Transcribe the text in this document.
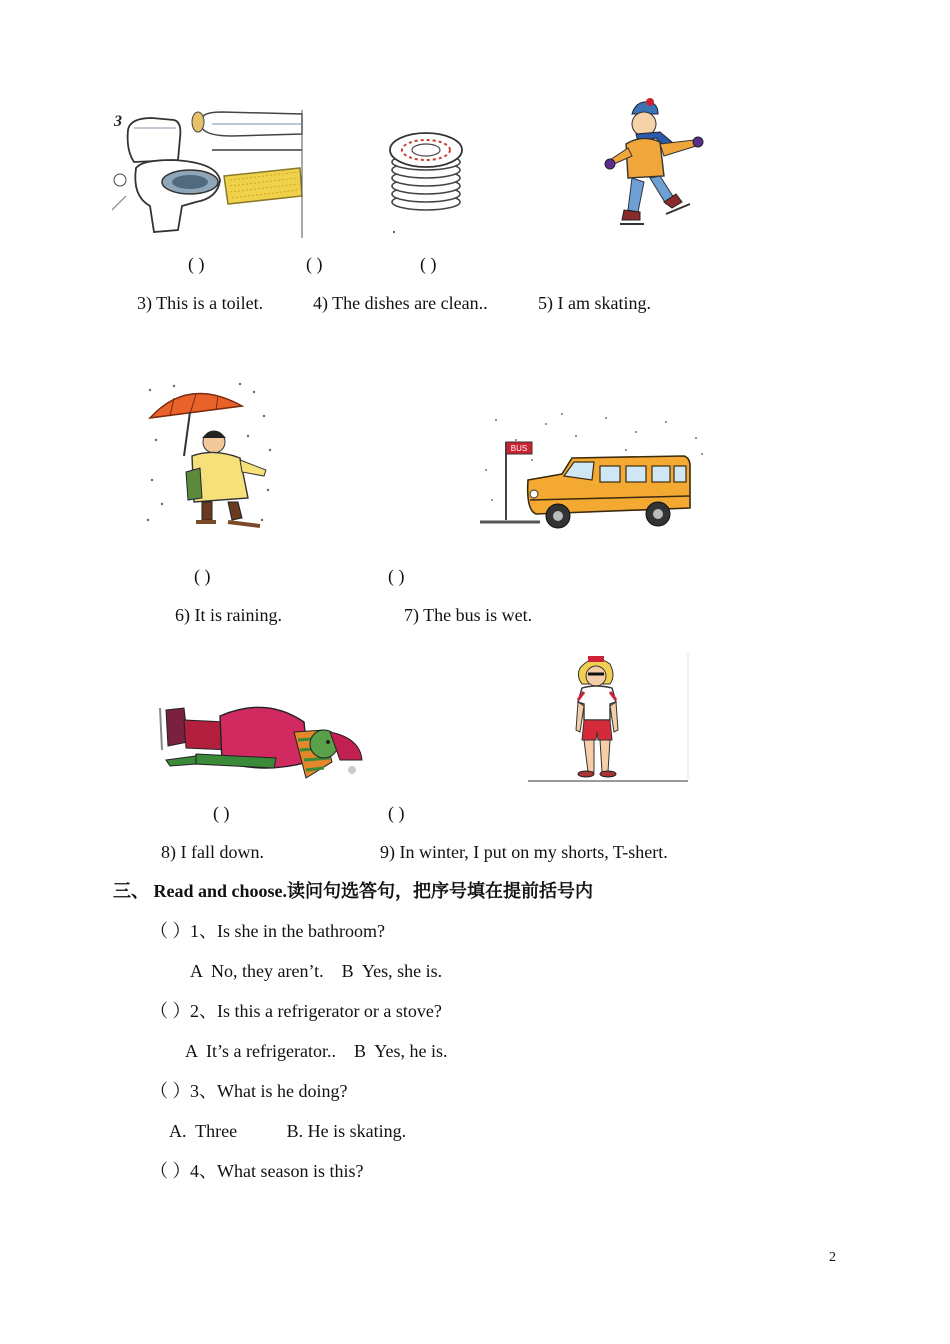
3
( )	( )	( )
3) This is a toilet.	4) The dishes are clean..	5) I am skating.
BUS
( )	( )
6) It is raining.	7) The bus is wet.
( )	( )
8) I fall down.	9) In winter, I put on my shorts, T-shert.
三、 Read and choose.读问句选答句，把序号填在提前括号内
（ ） 1、Is she in the bathroom?
A  No, they aren’t.    B  Yes, she is.
（ ） 2、Is this a refrigerator or a stove?
A  It’s a refrigerator..    B  Yes, he is.
（ ） 3、What is he doing?
A.  Three           B. He is skating.
（ ） 4、What season is this?
2
